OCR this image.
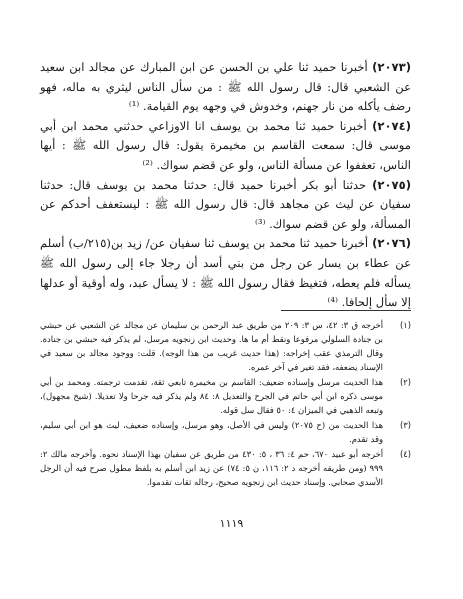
(٢٠٧٣) أخبرنا حميد ثنا علي بن الحسن عن ابن المبارك عن مجالد ابن سعيد عن الشعبي قال: قال رسول الله ﷺ : من سأل الناس ليثري به ماله، فهو رضف يأكله من نار جهنم، وخدوش في وجهه يوم القيامة. ⁽¹⁾

(٢٠٧٤) أخبرنا حميد ثنا محمد بن يوسف انا الاوزاعي حدثني محمد ابن أبي موسى قال: سمعت القاسم بن مخيمرة يقول: قال رسول الله ﷺ : أيها الناس، تعففوا عن مسألة الناس، ولو عن قضم سواك. ⁽²⁾

(٢٠٧٥) حدثنا أبو بكر أخبرنا حميد قال: حدثنا محمد بن يوسف قال: حدثنا سفيان عن ليث عن مجاهد قال: قال رسول الله ﷺ : ليستعفف أحدكم عن المسألة، ولو عن قضم سواك. ⁽³⁾

(٢٠٧٦) أخبرنا حميد ثنا محمد بن يوسف ثنا سفيان عن/ زيد بن(٢١٥/ب) أسلم عن عطاء بن يسار عن رجل من بني أسد أن رجلا جاء إلى رسول الله ﷺ يسأله فلم يعطه، فتغيظ فقال رسول الله ﷺ : لا يسأل عبد، وله أوقية أو عدلها إلا سأل إلحافا. ⁽⁴⁾

(١)
أخرجه ق ٣: ٤٢، س ٣: ٢٠٩ من طريق عبد الرحمن بن سليمان عن مجالد عن الشعبي عن حبشي بن جنادة السلولي مرفوعا ونقط أم ما ها. وحديث ابن زنجويه مرسل، لم يذكر فيه حبشي بن جنادة. وقال الترمذي عقب إخراجه: (هذا حديث غريب من هذا الوجه). قلت: ووجود مجالد بن سعيد في الإسناد يضعفه، فقد تغير في آخر عمره.
(٢)
هذا الحديث مرسل وإسناده ضعيف: القاسم بن مخيمرة تابعي ثقة، تقدمت ترجمته. ومحمد بن أبي موسى ذكره ابن أبي حاتم في الجرح والتعديل ٨: ٨٤ ولم يذكر فيه جرحا ولا تعديلا. (شيخ مجهول)، وتبعه الذهبي في الميزان ٤: ٥٠ فقال سل قوله.
(٣)
هذا الحديث من (ح ٢٠٧٥) وليس في الأصل، وهو مرسل، وإسناده ضعيف، ليث هو ابن أبي سليم، وقد تقدم.
(٤)
أخرجه أبو عبيد ٦٧٠، حم ٤: ٣٦ ، ٥: ٤٣٠ من طريق عن سفيان بهذا الإسناد نحوه. وأخرجه مالك ٢: ٩٩٩ (ومن طريقه أخرجه د ٢: ١١٦، ن ٥: ٧٤) عن زيد ابن أسلم به بلفظ مطول صرح فيه أن الرجل الأسدي صحابي. وإسناد حديث ابن زنجويه صحيح، رجاله ثقات تقدموا.
١١١٩
